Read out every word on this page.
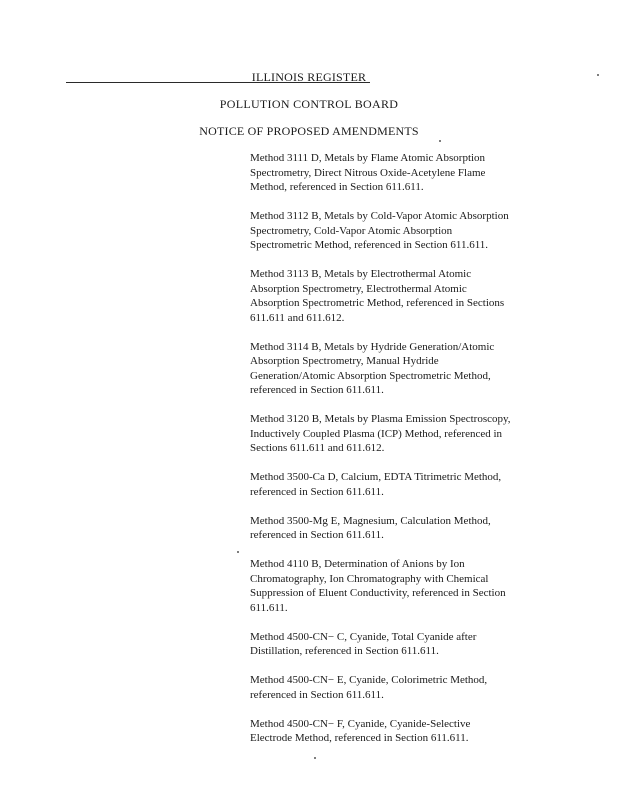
ILLINOIS REGISTER
POLLUTION CONTROL BOARD
NOTICE OF PROPOSED AMENDMENTS
Method 3111 D, Metals by Flame Atomic Absorption
Spectrometry, Direct Nitrous Oxide-Acetylene Flame
Method, referenced in Section 611.611.
Method 3112 B, Metals by Cold-Vapor Atomic Absorption
Spectrometry, Cold-Vapor Atomic Absorption
Spectrometric Method, referenced in Section 611.611.
Method 3113 B, Metals by Electrothermal Atomic
Absorption Spectrometry, Electrothermal Atomic
Absorption Spectrometric Method, referenced in Sections
611.611 and 611.612.
Method 3114 B, Metals by Hydride Generation/Atomic
Absorption Spectrometry, Manual Hydride
Generation/Atomic Absorption Spectrometric Method,
referenced in Section 611.611.
Method 3120 B, Metals by Plasma Emission Spectroscopy,
Inductively Coupled Plasma (ICP) Method, referenced in
Sections 611.611 and 611.612.
Method 3500-Ca D, Calcium, EDTA Titrimetric Method,
referenced in Section 611.611.
Method 3500-Mg E, Magnesium, Calculation Method,
referenced in Section 611.611.
Method 4110 B, Determination of Anions by Ion
Chromatography, Ion Chromatography with Chemical
Suppression of Eluent Conductivity, referenced in Section
611.611.
Method 4500-CN− C, Cyanide, Total Cyanide after
Distillation, referenced in Section 611.611.
Method 4500-CN− E, Cyanide, Colorimetric Method,
referenced in Section 611.611.
Method 4500-CN− F, Cyanide, Cyanide-Selective
Electrode Method, referenced in Section 611.611.
